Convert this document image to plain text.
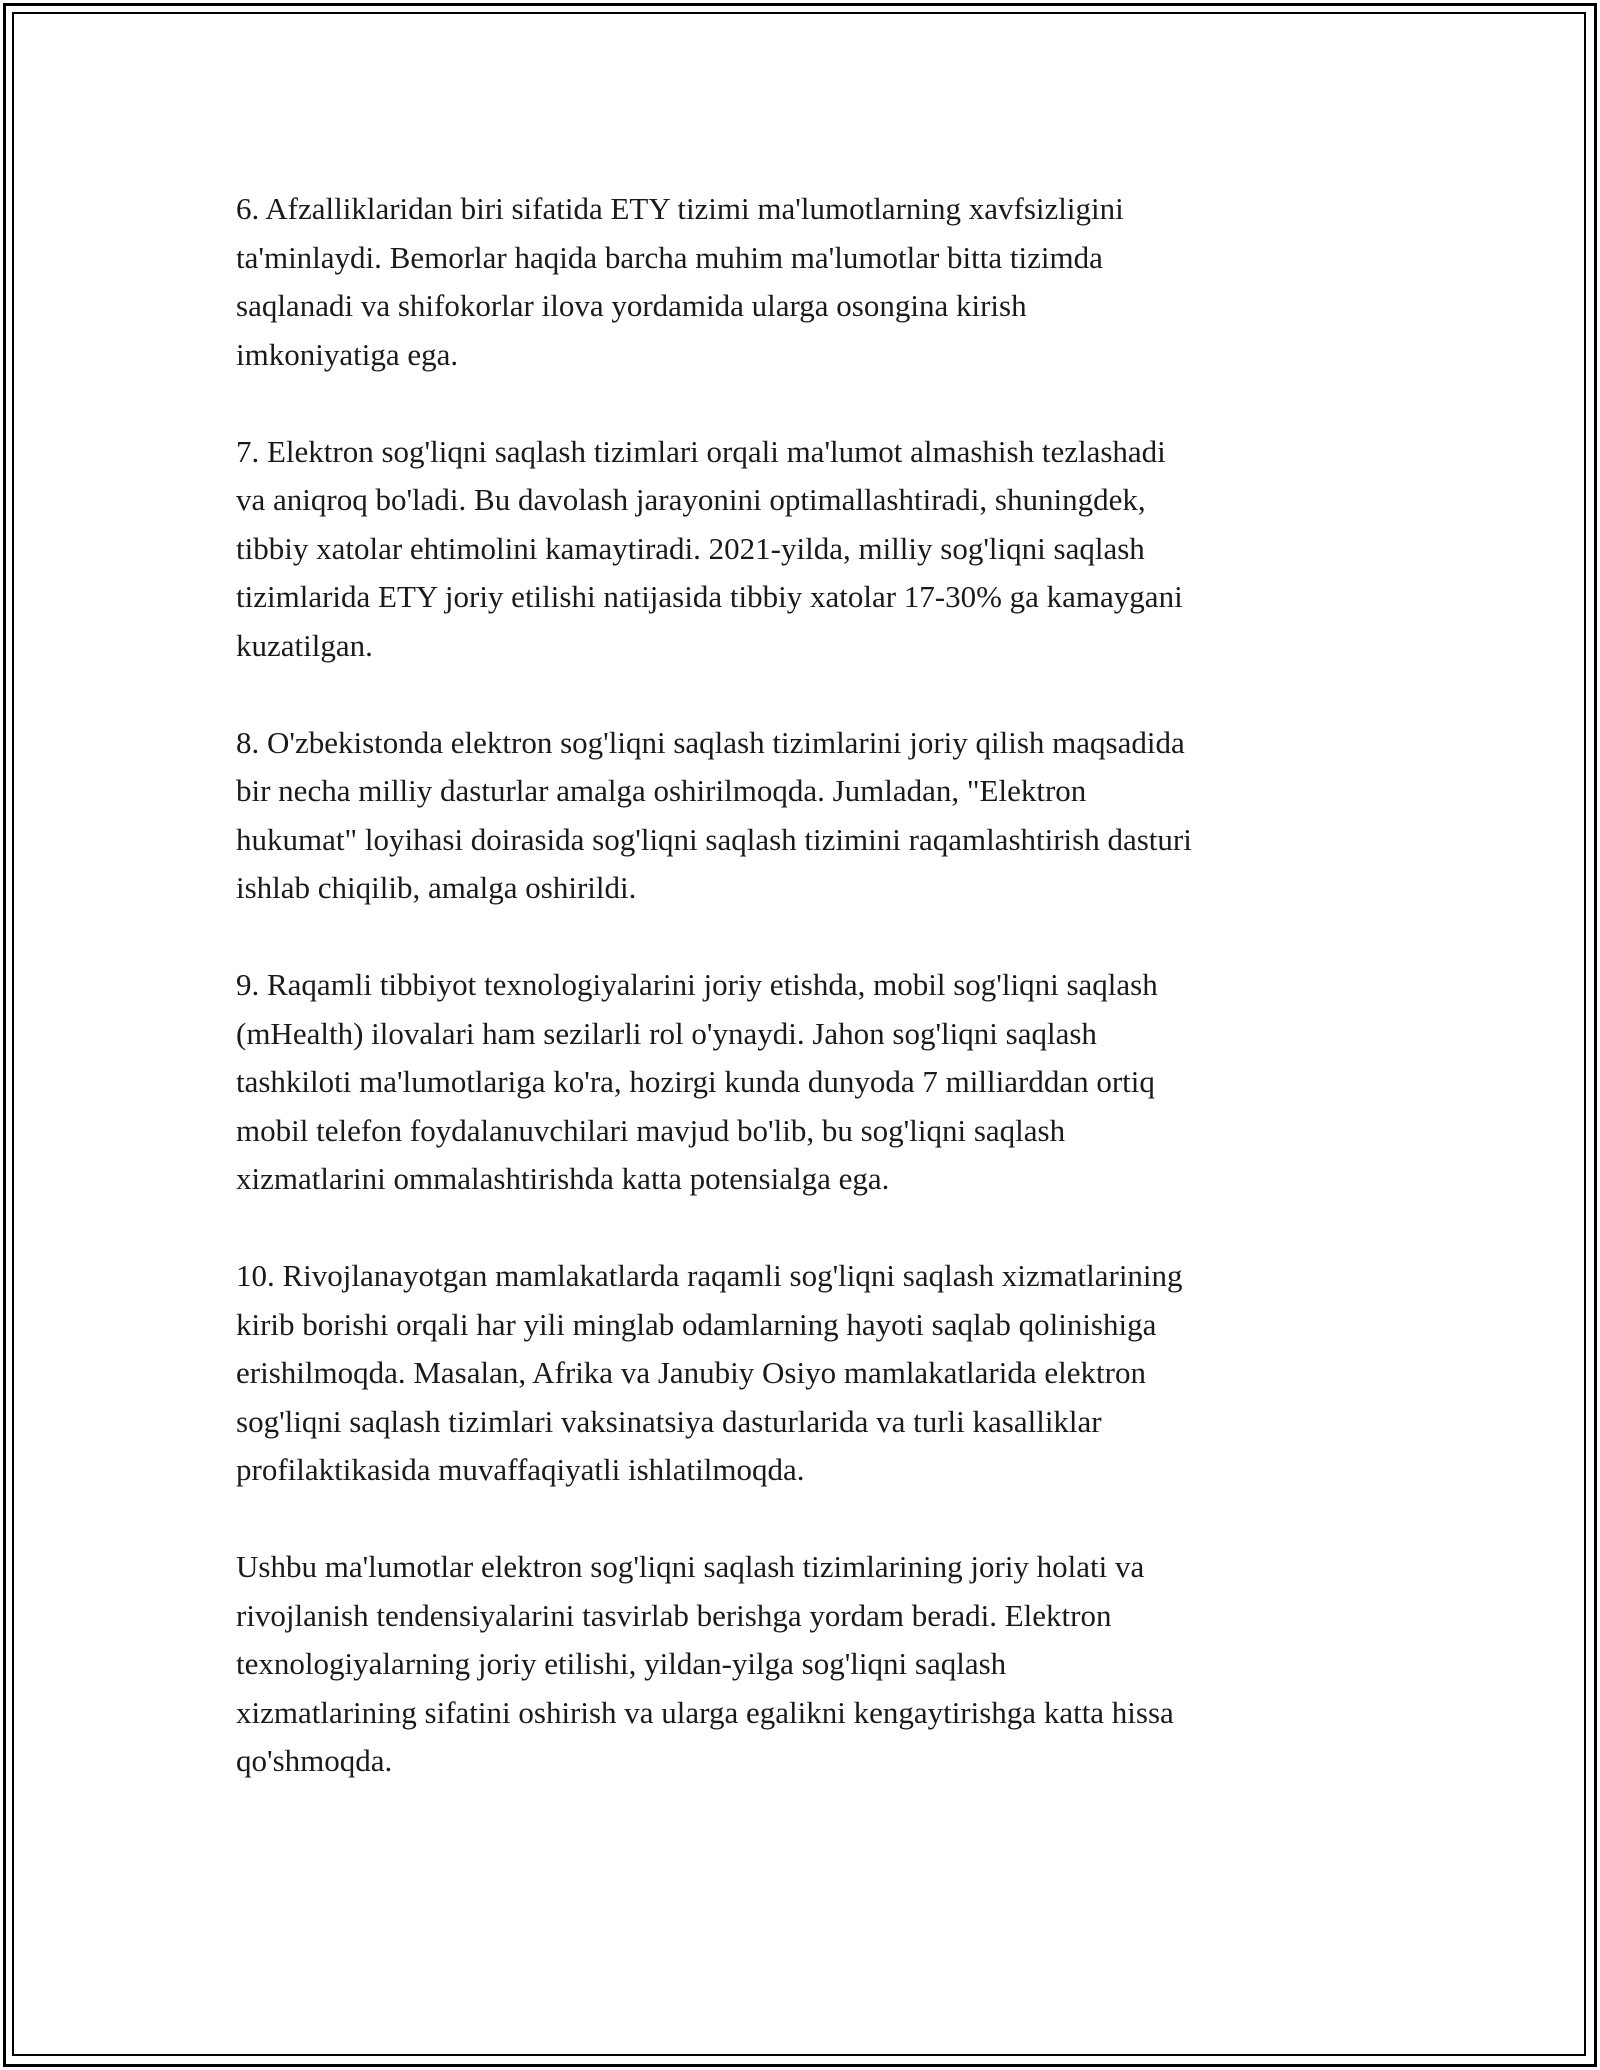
6. Afzalliklaridan biri sifatida ETY tizimi ma'lumotlarning xavfsizligini
ta'minlaydi. Bemorlar haqida barcha muhim ma'lumotlar bitta tizimda
saqlanadi va shifokorlar ilova yordamida ularga osongina kirish
imkoniyatiga ega.

7. Elektron sog'liqni saqlash tizimlari orqali ma'lumot almashish tezlashadi
va aniqroq bo'ladi. Bu davolash jarayonini optimallashtiradi, shuningdek,
tibbiy xatolar ehtimolini kamaytiradi. 2021-yilda, milliy sog'liqni saqlash
tizimlarida ETY joriy etilishi natijasida tibbiy xatolar 17-30% ga kamaygani
kuzatilgan.

8. O'zbekistonda elektron sog'liqni saqlash tizimlarini joriy qilish maqsadida
bir necha milliy dasturlar amalga oshirilmoqda. Jumladan, "Elektron
hukumat" loyihasi doirasida sog'liqni saqlash tizimini raqamlashtirish dasturi
ishlab chiqilib, amalga oshirildi.

9. Raqamli tibbiyot texnologiyalarini joriy etishda, mobil sog'liqni saqlash
(mHealth) ilovalari ham sezilarli rol o'ynaydi. Jahon sog'liqni saqlash
tashkiloti ma'lumotlariga ko'ra, hozirgi kunda dunyoda 7 milliarddan ortiq
mobil telefon foydalanuvchilari mavjud bo'lib, bu sog'liqni saqlash
xizmatlarini ommalashtirishda katta potensialga ega.

10. Rivojlanayotgan mamlakatlarda raqamli sog'liqni saqlash xizmatlarining
kirib borishi orqali har yili minglab odamlarning hayoti saqlab qolinishiga
erishilmoqda. Masalan, Afrika va Janubiy Osiyo mamlakatlarida elektron
sog'liqni saqlash tizimlari vaksinatsiya dasturlarida va turli kasalliklar
profilaktikasida muvaffaqiyatli ishlatilmoqda.

Ushbu ma'lumotlar elektron sog'liqni saqlash tizimlarining joriy holati va
rivojlanish tendensiyalarini tasvirlab berishga yordam beradi. Elektron
texnologiyalarning joriy etilishi, yildan-yilga sog'liqni saqlash
xizmatlarining sifatini oshirish va ularga egalikni kengaytirishga katta hissa
qo'shmoqda.
